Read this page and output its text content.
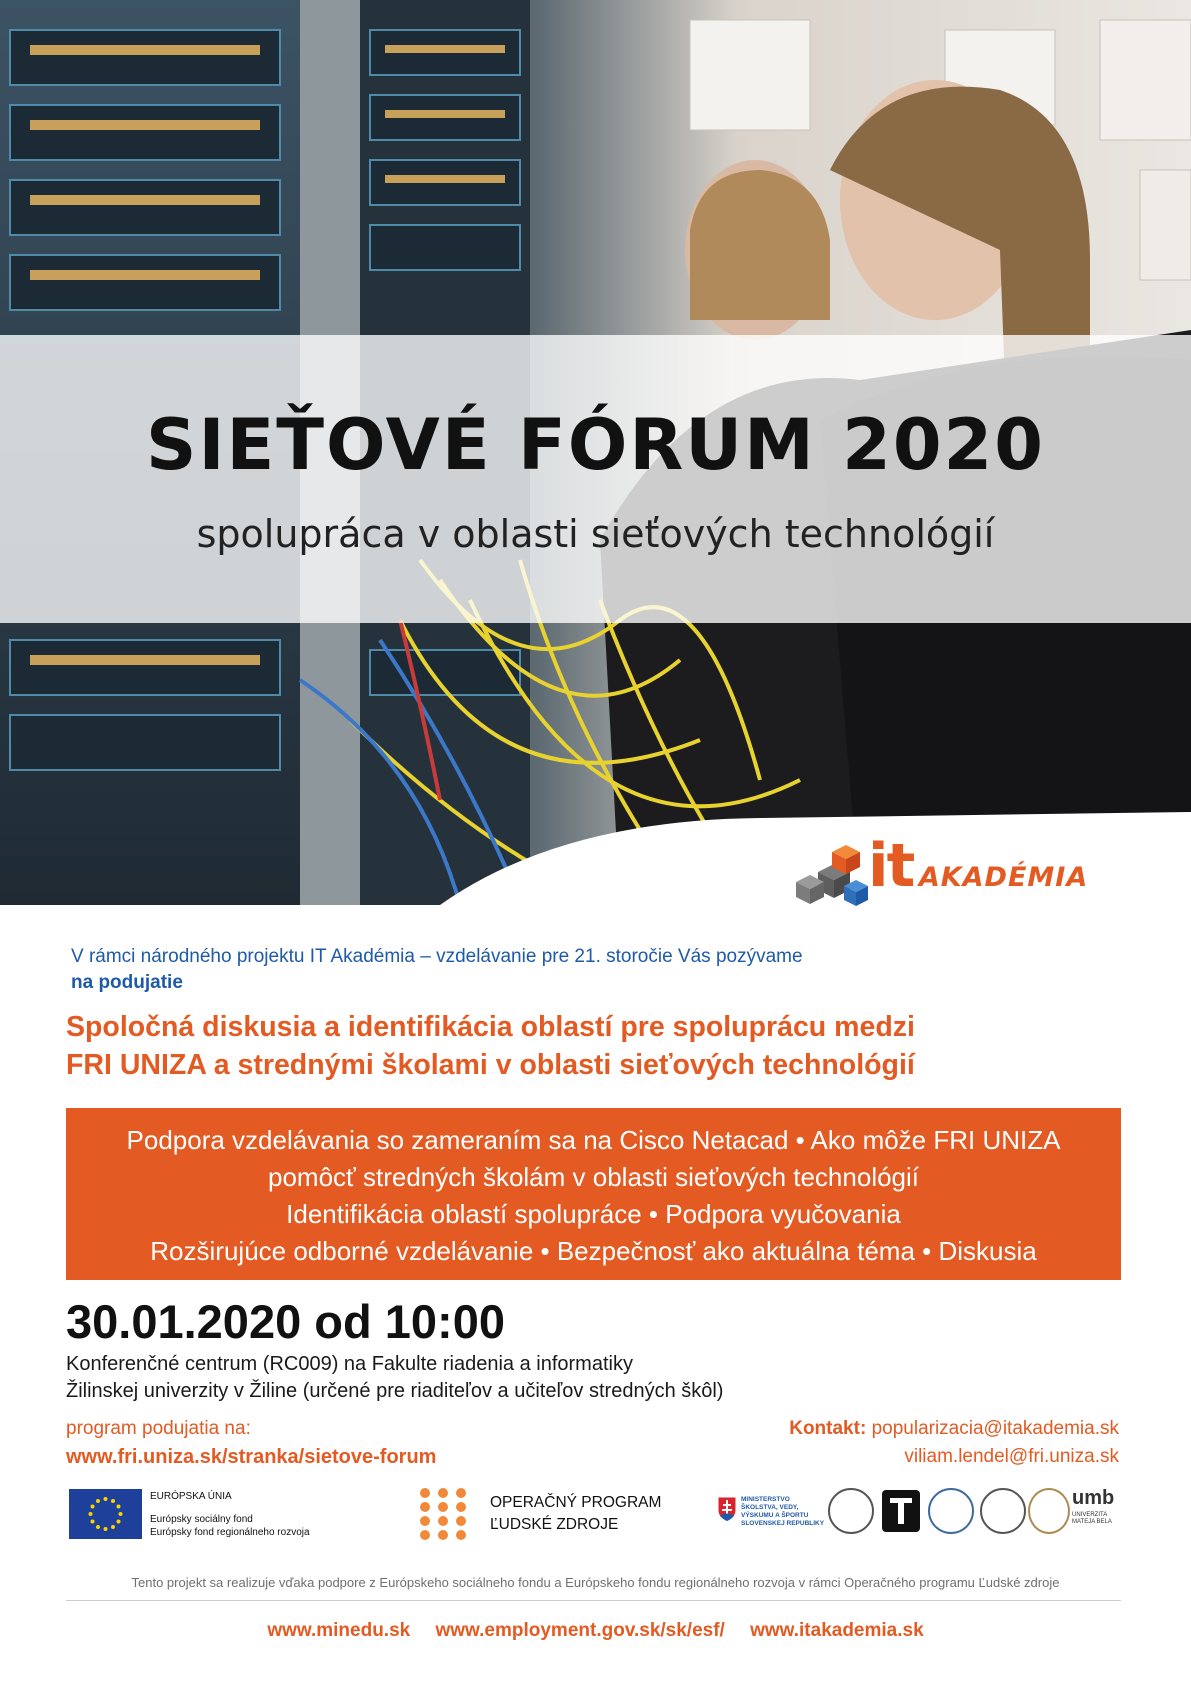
SIEŤOVÉ FÓRUM 2020
spolupráca v oblasti sieťových technológií
it AKADÉMIA
V rámci národného projektu IT Akadémia – vzdelávanie pre 21. storočie Vás pozývame
na podujatie
Spoločná diskusia a identifikácia oblastí pre spoluprácu medzi
FRI UNIZA a strednými školami v oblasti sieťových technológií
Podpora vzdelávania so zameraním sa na Cisco Netacad • Ako môže FRI UNIZA
pomôcť stredných školám v oblasti sieťových technológií
Identifikácia oblastí spolupráce • Podpora vyučovania
Rozširujúce odborné vzdelávanie • Bezpečnosť ako aktuálna téma • Diskusia
30.01.2020 od 10:00
Konferenčné centrum (RC009) na Fakulte riadenia a informatiky
Žilinskej univerzity v Žiline (určené pre riaditeľov a učiteľov stredných škôl)
program podujatia na:
www.fri.uniza.sk/stranka/sietove-forum
Kontakt: popularizacia@itakademia.sk
viliam.lendel@fri.uniza.sk
EURÓPSKA ÚNIA
Európsky sociálny fond
Európsky fond regionálneho rozvoja
OPERAČNÝ PROGRAM
ĽUDSKÉ ZDROJE
MINISTERSTVO
ŠKOLSTVA, VEDY,
VÝSKUMU A ŠPORTU
SLOVENSKEJ REPUBLIKY
umb
UNIVERZITA
MATEJA BELA
Tento projekt sa realizuje vďaka podpore z Európskeho sociálneho fondu a Európskeho fondu regionálneho rozvoja v rámci Operačného programu Ľudské zdroje
www.minedu.sk www.employment.gov.sk/sk/esf/ www.itakademia.sk
